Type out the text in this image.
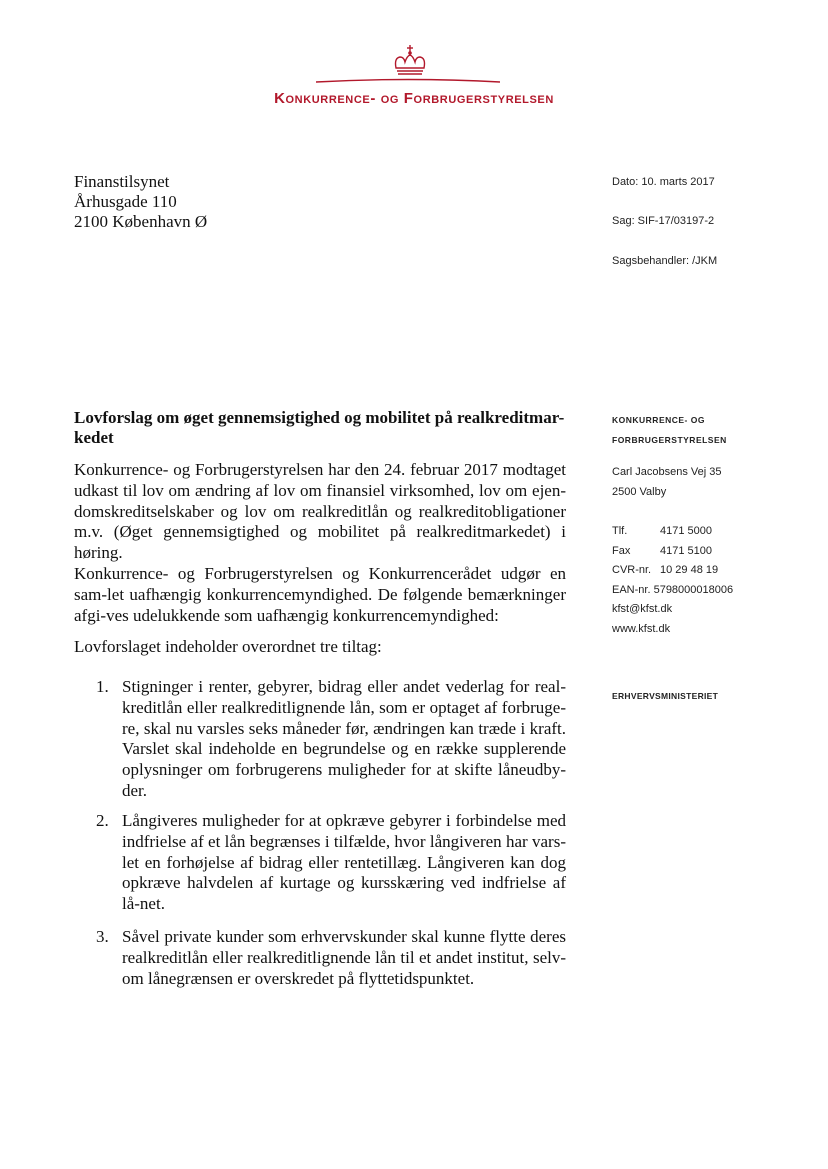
Konkurrence- og Forbrugerstyrelsen
Finanstilsynet
Århusgade 110
2100 København Ø
Dato: 10. marts 2017
Sag: SIF-17/03197-2
Sagsbehandler: /JKM
Lovforslag om øget gennemsigtighed og mobilitet på realkreditmar-kedet
Konkurrence- og Forbrugerstyrelsen har den 24. februar 2017 modtaget udkast til lov om ændring af lov om finansiel virksomhed, lov om ejen-domskreditselskaber og lov om realkreditlån og realkreditobligationer m.v. (Øget gennemsigtighed og mobilitet på realkreditmarkedet) i høring.
Konkurrence- og Forbrugerstyrelsen og Konkurrencerådet udgør en sam-let uafhængig konkurrencemyndighed. De følgende bemærkninger afgi-ves udelukkende som uafhængig konkurrencemyndighed:
Lovforslaget indeholder overordnet tre tiltag:
1. Stigninger i renter, gebyrer, bidrag eller andet vederlag for real-kreditlån eller realkreditlignende lån, som er optaget af forbruge-re, skal nu varsles seks måneder før, ændringen kan træde i kraft. Varslet skal indeholde en begrundelse og en række supplerende oplysninger om forbrugerens muligheder for at skifte låneudby-der.
2. Långiveres muligheder for at opkræve gebyrer i forbindelse med indfrielse af et lån begrænses i tilfælde, hvor långiveren har vars-let en forhøjelse af bidrag eller rentetillæg. Långiveren kan dog opkræve halvdelen af kurtage og kursskæring ved indfrielse af lå-net.
3. Såvel private kunder som erhvervskunder skal kunne flytte deres realkreditlån eller realkreditlignende lån til et andet institut, selv-om lånegrænsen er overskredet på flyttetidspunktet.
KONKURRENCE- OG
FORBRUGERSTYRELSEN
Carl Jacobsens Vej 35
2500 Valby
Tlf.	4171 5000
Fax	4171 5100
CVR-nr. 10 29 48 19
EAN-nr. 5798000018006
kfst@kfst.dk
www.kfst.dk
ERHVERVSMINISTERIET
